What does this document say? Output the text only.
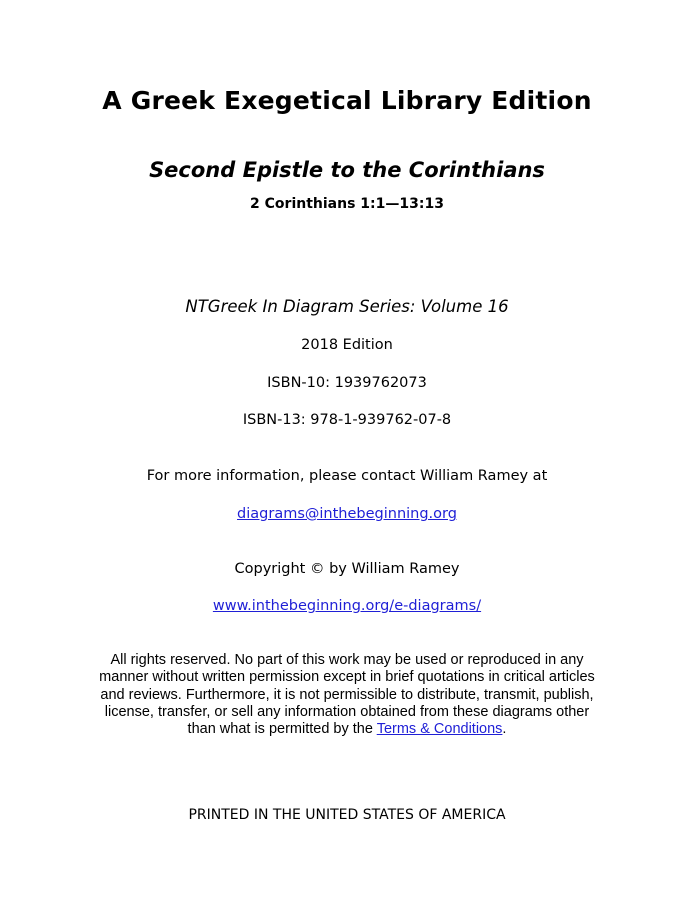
A Greek Exegetical Library Edition
Second Epistle to the Corinthians
2 Corinthians 1:1—13:13
NTGreek In Diagram Series: Volume 16
2018 Edition
ISBN-10: 1939762073
ISBN-13: 978-1-939762-07-8
For more information, please contact William Ramey at
diagrams@inthebeginning.org
Copyright © by William Ramey
www.inthebeginning.org/e-diagrams/
All rights reserved. No part of this work may be used or reproduced in any
manner without written permission except in brief quotations in critical articles
and reviews. Furthermore, it is not permissible to distribute, transmit, publish,
license, transfer, or sell any information obtained from these diagrams other
than what is permitted by the Terms & Conditions.
PRINTED IN THE UNITED STATES OF AMERICA
